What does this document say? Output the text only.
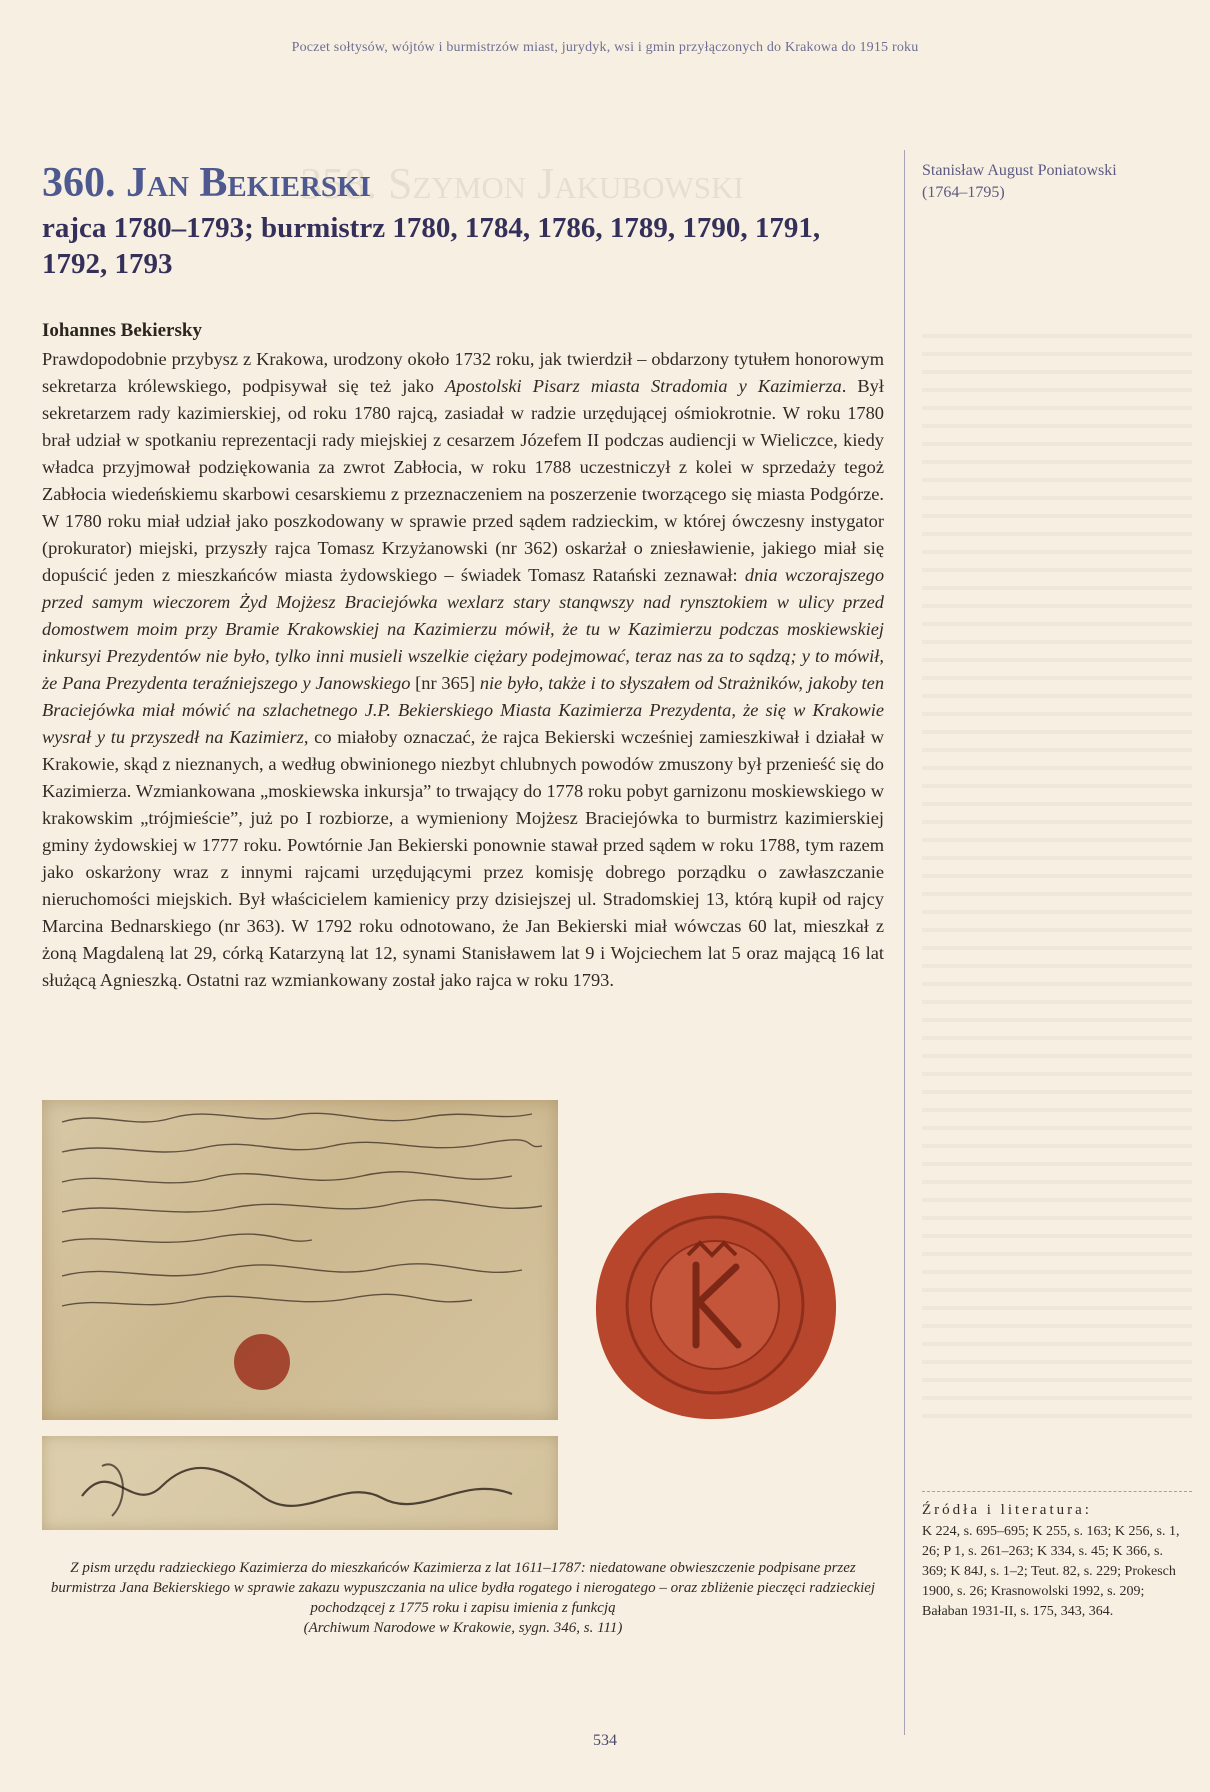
Poczet sołtysów, wójtów i burmistrzów miast, jurydyk, wsi i gmin przyłączonych do Krakowa do 1915 roku
358. Szymon Jakubowski
360. Jan Bekierski
rajca 1780–1793; burmistrz 1780, 1784, 1786, 1789, 1790, 1791, 1792, 1793
Iohannes Bekiersky
Prawdopodobnie przybysz z Krakowa, urodzony około 1732 roku, jak twierdził – obdarzony tytułem honorowym sekretarza królewskiego, podpisywał się też jako Apostolski Pisarz miasta Stradomia y Kazimierza. Był sekretarzem rady kazimierskiej, od roku 1780 rajcą, zasiadał w radzie urzędującej ośmiokrotnie. W roku 1780 brał udział w spotkaniu reprezentacji rady miejskiej z cesarzem Józefem II podczas audiencji w Wieliczce, kiedy władca przyjmował podziękowania za zwrot Zabłocia, w roku 1788 uczestniczył z kolei w sprzedaży tegoż Zabłocia wiedeńskiemu skarbowi cesarskiemu z przeznaczeniem na poszerzenie tworzącego się miasta Podgórze. W 1780 roku miał udział jako poszkodowany w sprawie przed sądem radzieckim, w której ówczesny instygator (prokurator) miejski, przyszły rajca Tomasz Krzyżanowski (nr 362) oskarżał o zniesławienie, jakiego miał się dopuścić jeden z mieszkańców miasta żydowskiego – świadek Tomasz Ratański zeznawał: dnia wczorajszego przed samym wieczorem Żyd Mojżesz Braciejówka wexlarz stary stanąwszy nad rynsztokiem w ulicy przed domostwem moim przy Bramie Krakowskiej na Kazimierzu mówił, że tu w Kazimierzu podczas moskiewskiej inkursyi Prezydentów nie było, tylko inni musieli wszelkie ciężary podejmować, teraz nas za to sądzą; y to mówił, że Pana Prezydenta teraźniejszego y Janowskiego [nr 365] nie było, także i to słyszałem od Strażników, jakoby ten Braciejówka miał mówić na szlachetnego J.P. Bekierskiego Miasta Kazimierza Prezydenta, że się w Krakowie wysrał y tu przyszedł na Kazimierz, co miałoby oznaczać, że rajca Bekierski wcześniej zamieszkiwał i działał w Krakowie, skąd z nieznanych, a według obwinionego niezbyt chlubnych powodów zmuszony był przenieść się do Kazimierza. Wzmiankowana „moskiewska inkursja” to trwający do 1778 roku pobyt garnizonu moskiewskiego w krakowskim „trójmieście”, już po I rozbiorze, a wymieniony Mojżesz Braciejówka to burmistrz kazimierskiej gminy żydowskiej w 1777 roku. Powtórnie Jan Bekierski ponownie stawał przed sądem w roku 1788, tym razem jako oskarżony wraz z innymi rajcami urzędującymi przez komisję dobrego porządku o zawłaszczanie nieruchomości miejskich. Był właścicielem kamienicy przy dzisiejszej ul. Stradomskiej 13, którą kupił od rajcy Marcina Bednarskiego (nr 363). W 1792 roku odnotowano, że Jan Bekierski miał wówczas 60 lat, mieszkał z żoną Magdaleną lat 29, córką Katarzyną lat 12, synami Stanisławem lat 9 i Wojciechem lat 5 oraz mającą 16 lat służącą Agnieszką. Ostatni raz wzmiankowany został jako rajca w roku 1793.
Stanisław August Poniatowski
(1764–1795)
Z pism urzędu radzieckiego Kazimierza do mieszkańców Kazimierza z lat 1611–1787: niedatowane obwieszczenie podpisane przez burmistrza Jana Bekierskiego w sprawie zakazu wypuszczania na ulice bydła rogatego i nierogatego – oraz zbliżenie pieczęci radzieckiej pochodzącej z 1775 roku i zapisu imienia z funkcją
(Archiwum Narodowe w Krakowie, sygn. 346, s. 111)
Źródła i literatura:
K 224, s. 695–695; K 255, s. 163; K 256, s. 1, 26; P 1, s. 261–263; K 334, s. 45; K 366, s. 369; K 84J, s. 1–2; Teut. 82, s. 229; Prokesch 1900, s. 26; Krasnowolski 1992, s. 209; Bałaban 1931-II, s. 175, 343, 364.
534
